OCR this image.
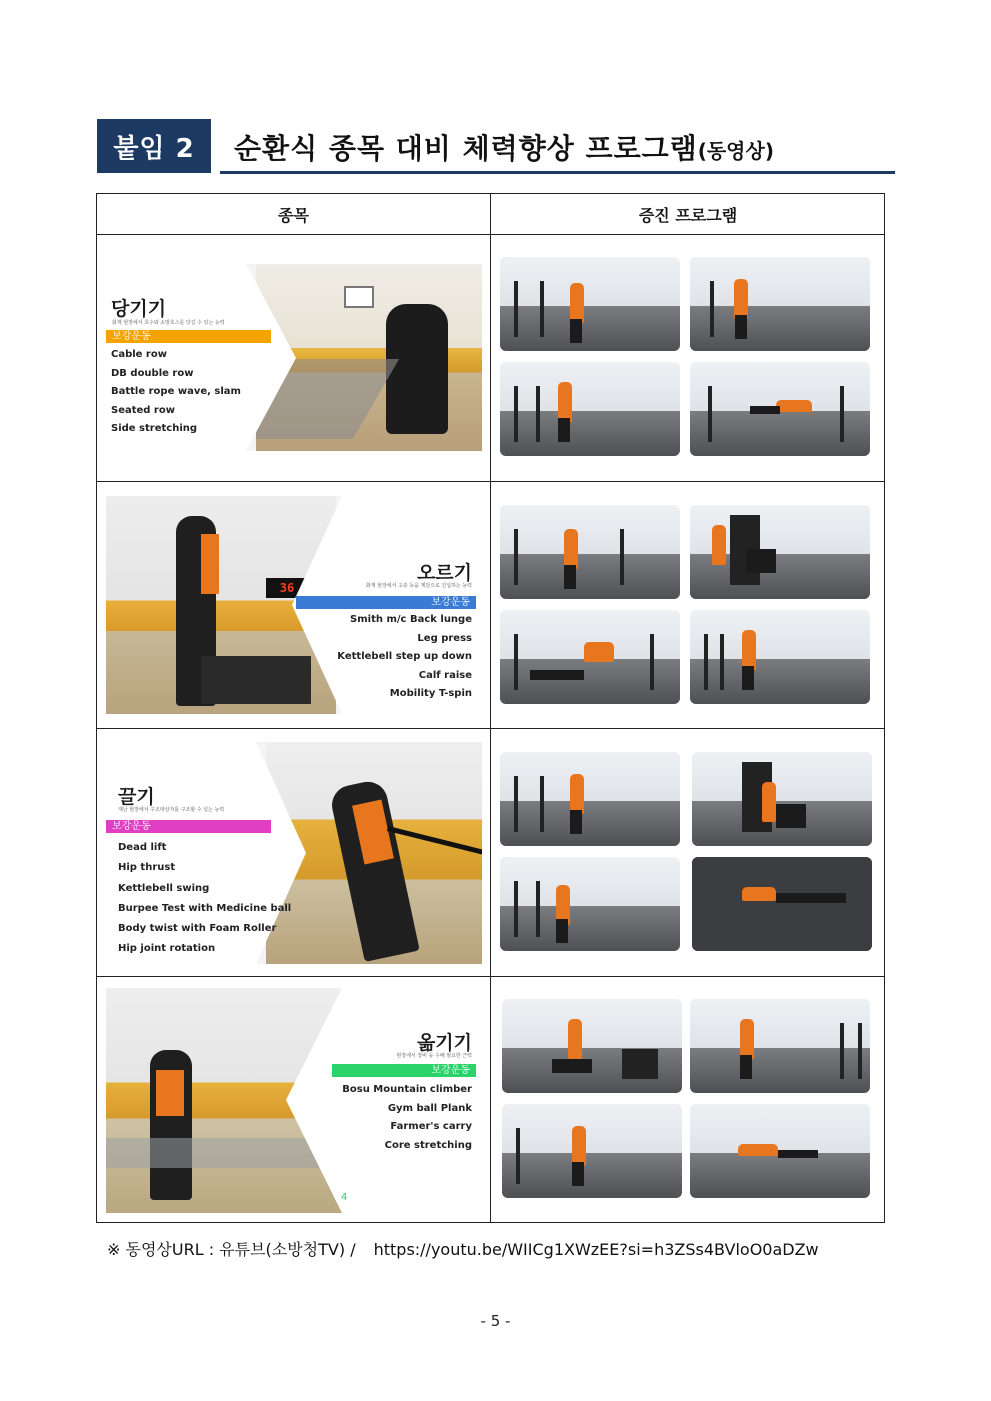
붙임 2	순환식 종목 대비 체력향상 프로그램(동영상)
종목	증진 프로그램
당기기
화재 현장에서 호수와 소방호스를 당길 수 있는 능력
보강운동
Cable row
DB double row
Battle rope wave, slam
Seated row
Side stretching
36
오르기
화재 현장에서 고층 등을 계단으로 진입하는 능력
보강운동
Smith m/c Back lunge
Leg press
Kettlebell step up down
Calf raise
Mobility T-spin
끌기
재난 현장에서 구조대상자를 구조할 수 있는 능력
보강운동
Dead lift
Hip thrust
Kettlebell swing
Burpee Test with Medicine ball
Body twist with Foam Roller
Hip joint rotation
옮기기
현장에서 장비 등 수배 필요한 근력
보강운동
Bosu Mountain climber
Gym ball Plank
Farmer's carry
Core stretching
4
※ 동영상URL : 유튜브(소방청TV) / https://youtu.be/WIICg1XWzEE?si=h3ZSs4BVloO0aDZw
- 5 -
